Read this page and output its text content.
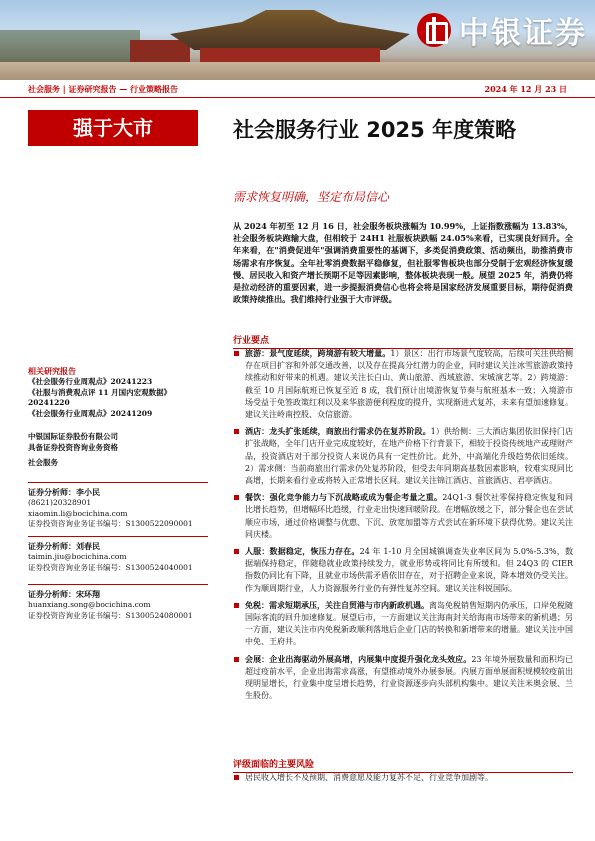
中银证券
社会服务 | 证券研究报告 — 行业策略报告	2024 年 12 月 23 日
强于大市	社会服务行业 2025 年度策略
需求恢复明确，坚定布局信心
从 2024 年初至 12 月 16 日，社会服务板块涨幅为 10.99%，上证指数涨幅为 13.83%，社会服务板块跑输大盘，但相较于 24H1 社服板块跌幅 24.05%来看，已实现良好回升。全年来看，在"消费促进年"强调消费重要性的基调下，多类促消费政策、活动频出，助推消费市场需求有序恢复。全年社零消费数据平稳修复，但社服零售板块也部分受制于宏观经济恢复缓慢、居民收入和资产增长预期不足等因素影响，整体板块表现一般。展望 2025 年，消费仍将是拉动经济的重要因素，进一步提振消费信心也将会将是国家经济发展重要目标，期待促消费政策持续推出。我们维持行业强于大市评级。
行业要点
旅游：景气度延续，跨境游有较大增量。1）景区：出行市场景气度较高，后续可关注供给侧存在项目扩容和外部交通改善，以及存在提高分红潜力的企业，同时建议关注冰雪旅游政策持续推动和好带来的机遇。建议关注长白山、黄山旅游、西域旅游、宋城演艺等。2）跨境游：截至 10 月国际航班已恢复至近 8 成，我们预计出境游恢复节奏与航班基本一致；入境游市场受益于免签政策红利以及来华旅游便利程度的提升，实现渐进式复苏，未来有望加速修复。建议关注岭南控股、众信旅游。
酒店：龙头扩张延续，商旅出行需求仍在复苏阶段。1）供给侧：三大酒店集团依旧保持门店扩张战略，全年门店开业完成度较好，在地产价格下行背景下，相较于投资传统地产或理财产品，投资酒店对于部分投资人来说仍具有一定性价比。此外，中高端化升级趋势依旧延续。2）需求侧：当前商旅出行需求仍处复苏阶段，但受去年同期高基数因素影响，较难实现同比高增，长期来看行业或将转入正常增长区间。建议关注锦江酒店、首旅酒店、君亭酒店。
餐饮：强化竞争能力与下沉战略或成为餐企考量之重。24Q1-3 餐饮社零保持稳定恢复和同比增长趋势，但增幅环比趋缓，行业走出快速回暖阶段。在增幅放缓之下，部分餐企也在尝试顺应市场，通过价格调整与优惠、下沉、放宽加盟等方式尝试在新环境下获得优势。建议关注同庆楼。
人服：数据稳定，恢压力存在。24 年 1-10 月全国城镇调查失业率区间为 5.0%-5.3%，数据端保持稳定，伴随稳就业政策持续发力，就业形势或将同比有所缓和。但 24Q3 的 CIER 指数仍同比有下降，且就业市场供需矛盾依旧存在，对于招聘企业来说，降本增效仍受关注。作为顺周期行业，人力资源服务行业仍有弹性复苏空间。建议关注科锐国际。
免税：需求短期承压，关注自贸港与市内新政机遇。离岛免税销售短期内仍承压，口岸免税随国际客流的回升加速修复。展望后市，一方面建议关注海南封关给海南市场带来的新机遇；另一方面，建议关注市内免税新政顺利落地后企业门店的转换和新增带来的增量。建议关注中国中免、王府井。
会展：企业出海驱动外展高增，内展集中度提升强化龙头效应。23 年境外展数量和面积均已超过疫前水平，企业出海需求高涨，有望推动境外办展参展。内展方面单展面积规模较疫前出现明显增长，行业集中度呈增长趋势，行业资源逐步向头部机构集中。建议关注米奥会展、兰生股份。
评级面临的主要风险
居民收入增长不及预期、消费意愿及能力复苏不足、行业竞争加剧等。
相关研究报告
《社会服务行业周观点》20241223
《社服与消费观点评 11 月国内宏观数据》20241220
《社会服务行业周观点》20241209
中银国际证券股份有限公司
具备证券投资咨询业务资格
社会服务
证券分析师：李小民
(8621)20328901
xiaomin.li@bocichina.com
证券投资咨询业务证书编号：S1300522090001
证券分析师：刘春民
taimin.jiu@bocichina.com
证券投资咨询业务证书编号：S1300524040001
证券分析师：宋环翔
huanxiang.song@bocichina.com
证券投资咨询业务证书编号：S1300524080001
